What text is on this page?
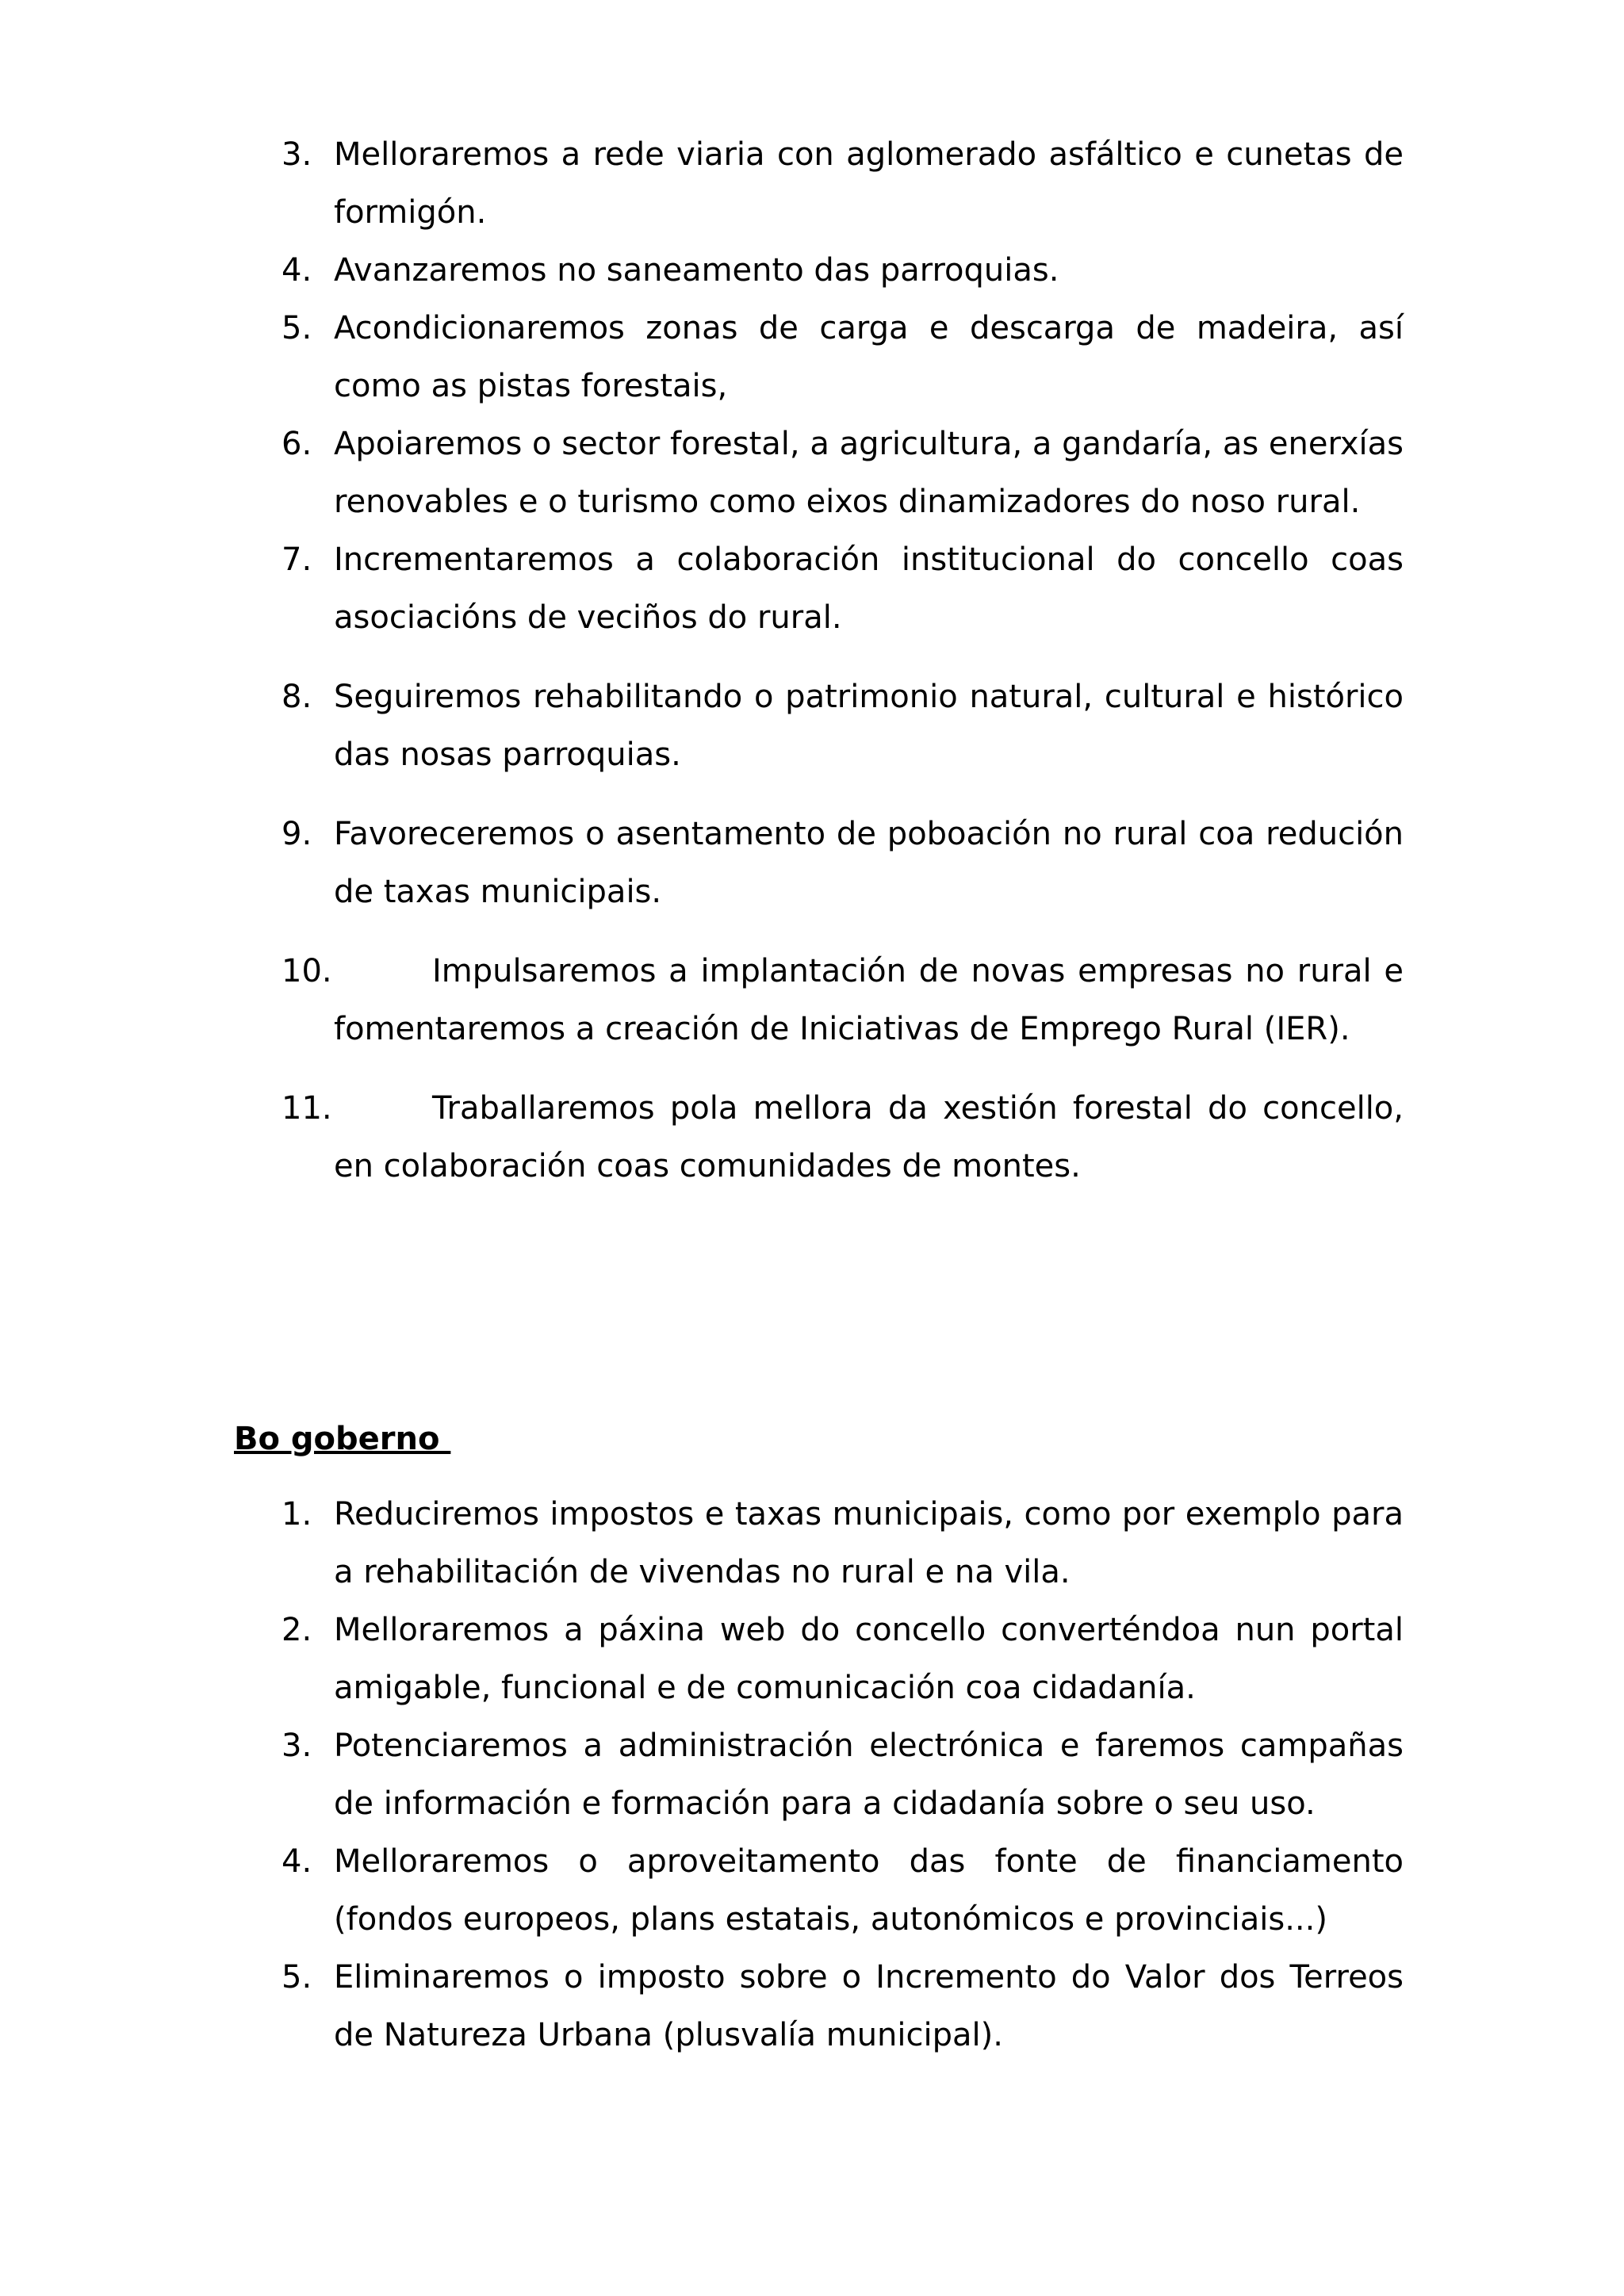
3. Melloraremos a rede viaria con aglomerado asfáltico e cunetas de formigón.
4. Avanzaremos no saneamento das parroquias.
5. Acondicionaremos zonas de carga e descarga de madeira, así como as pistas forestais,
6. Apoiaremos o sector forestal, a agricultura, a gandaría, as enerxías renovables e o turismo como eixos dinamizadores do noso rural.
7. Incrementaremos a colaboración institucional do concello coas asociacións de veciños do rural.
8. Seguiremos rehabilitando o patrimonio natural, cultural e histórico das nosas parroquias.
9. Favoreceremos o asentamento de poboación no rural coa redución de taxas municipais.
10.	Impulsaremos a implantación de novas empresas no rural e fomentaremos a creación de Iniciativas de Emprego Rural (IER).
11.	Traballaremos pola mellora da xestión forestal do concello, en colaboración coas comunidades de montes.
Bo goberno
1. Reduciremos impostos e taxas municipais, como por exemplo para a rehabilitación de vivendas no rural e na vila.
2. Melloraremos a páxina web do concello converténdoa nun portal amigable, funcional e de comunicación coa cidadanía.
3. Potenciaremos a administración electrónica e faremos campañas de información e formación para a cidadanía sobre o seu uso.
4. Melloraremos o aproveitamento das fonte de financiamento (fondos europeos, plans estatais, autonómicos e provinciais...)
5. Eliminaremos o imposto sobre o Incremento do Valor dos Terreos de Natureza Urbana (plusvalía municipal).
